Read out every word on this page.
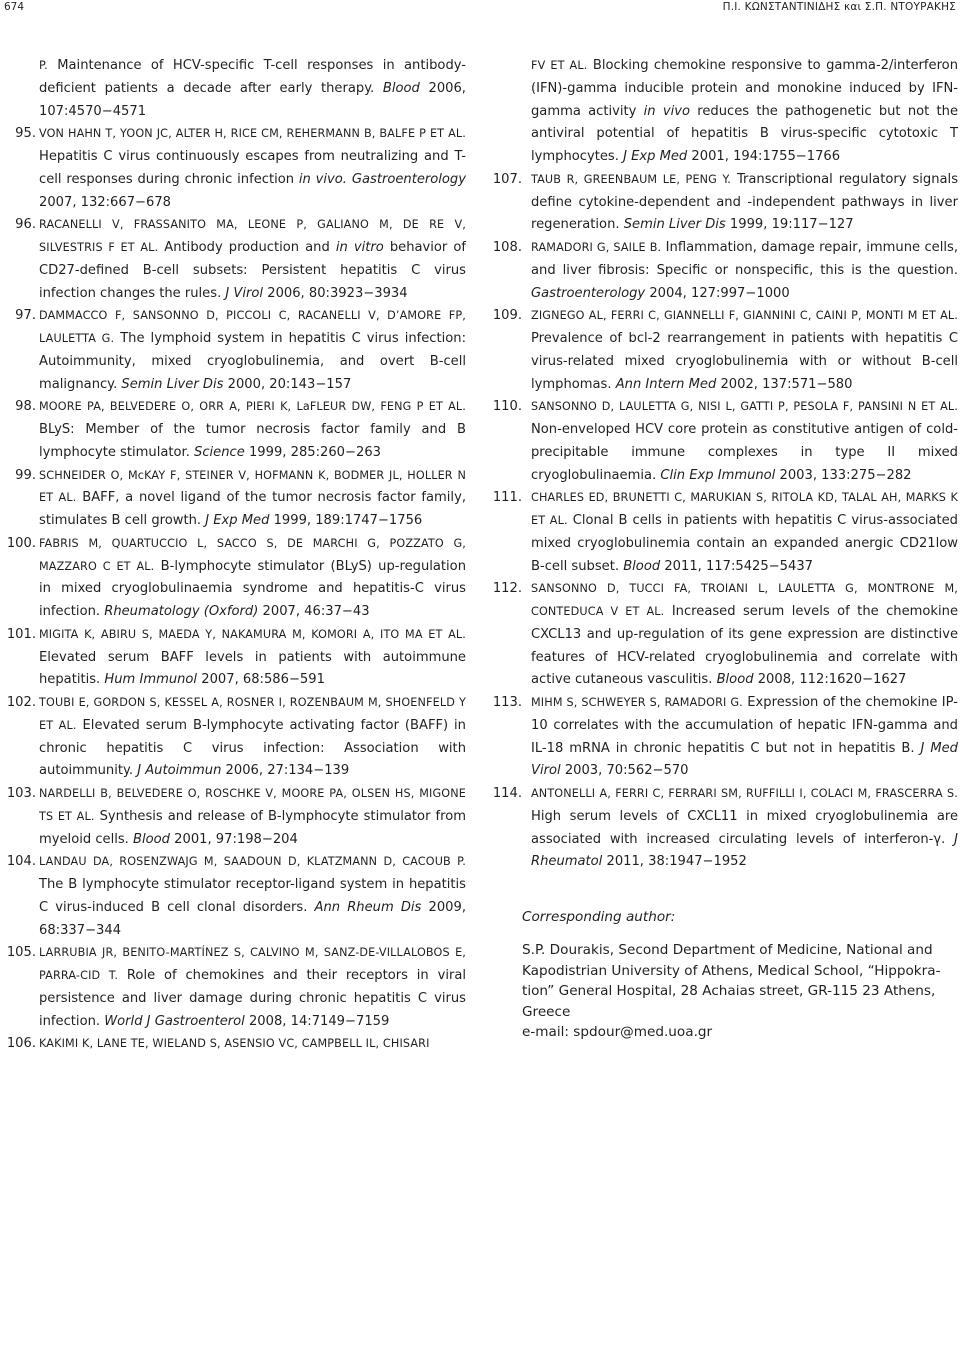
674	Π.Ι. ΚΩΝΣΤΑΝΤΙΝΙΔΗΣ και Σ.Π. ΝΤΟΥΡΑΚΗΣ
P. Maintenance of HCV-specific T-cell responses in antibody-deficient patients a decade after early therapy. Blood 2006, 107:4570−4571
95. VON HAHN T, YOON JC, ALTER H, RICE CM, REHERMANN B, BALFE P ET AL. Hepatitis C virus continuously escapes from neutralizing and T-cell responses during chronic infection in vivo. Gastroenterology 2007, 132:667−678
96. RACANELLI V, FRASSANITO MA, LEONE P, GALIANO M, DE RE V, SILVESTRIS F ET AL. Antibody production and in vitro behavior of CD27-defined B-cell subsets: Persistent hepatitis C virus infection changes the rules. J Virol 2006, 80:3923−3934
97. DAMMACCO F, SANSONNO D, PICCOLI C, RACANELLI V, D’AMORE FP, LAULETTA G. The lymphoid system in hepatitis C virus infection: Autoimmunity, mixed cryoglobulinemia, and overt B-cell malignancy. Semin Liver Dis 2000, 20:143−157
98. MOORE PA, BELVEDERE O, ORR A, PIERI K, LaFLEUR DW, FENG P ET AL. BLyS: Member of the tumor necrosis factor family and B lymphocyte stimulator. Science 1999, 285:260−263
99. SCHNEIDER O, McKAY F, STEINER V, HOFMANN K, BODMER JL, HOLLER N ET AL. BAFF, a novel ligand of the tumor necrosis factor family, stimulates B cell growth. J Exp Med 1999, 189:1747−1756
100. FABRIS M, QUARTUCCIO L, SACCO S, DE MARCHI G, POZZATO G, MAZZARO C ET AL. B-lymphocyte stimulator (BLyS) up-regulation in mixed cryoglobulinaemia syndrome and hepatitis-C virus infection. Rheumatology (Oxford) 2007, 46:37−43
101. MIGITA K, ABIRU S, MAEDA Y, NAKAMURA M, KOMORI A, ITO MA ET AL. Elevated serum BAFF levels in patients with autoimmune hepatitis. Hum Immunol 2007, 68:586−591
102. TOUBI E, GORDON S, KESSEL A, ROSNER I, ROZENBAUM M, SHOENFELD Y ET AL. Elevated serum B-lymphocyte activating factor (BAFF) in chronic hepatitis C virus infection: Association with autoimmunity. J Autoimmun 2006, 27:134−139
103. NARDELLI B, BELVEDERE O, ROSCHKE V, MOORE PA, OLSEN HS, MIGONE TS ET AL. Synthesis and release of B-lymphocyte stimulator from myeloid cells. Blood 2001, 97:198−204
104. LANDAU DA, ROSENZWAJG M, SAADOUN D, KLATZMANN D, CACOUB P. The B lymphocyte stimulator receptor-ligand system in hepatitis C virus-induced B cell clonal disorders. Ann Rheum Dis 2009, 68:337−344
105. LARRUBIA JR, BENITO-MARTÍNEZ S, CALVINO M, SANZ-DE-VILLALOBOS E, PARRA-CID T. Role of chemokines and their receptors in viral persistence and liver damage during chronic hepatitis C virus infection. World J Gastroenterol 2008, 14:7149−7159
106. KAKIMI K, LANE TE, WIELAND S, ASENSIO VC, CAMPBELL IL, CHISARI
FV ET AL. Blocking chemokine responsive to gamma-2/interferon (IFN)-gamma inducible protein and monokine induced by IFN-gamma activity in vivo reduces the pathogenetic but not the antiviral potential of hepatitis B virus-specific cytotoxic T lymphocytes. J Exp Med 2001, 194:1755−1766
107. TAUB R, GREENBAUM LE, PENG Y. Transcriptional regulatory signals define cytokine-dependent and -independent pathways in liver regeneration. Semin Liver Dis 1999, 19:117−127
108. RAMADORI G, SAILE B. Inflammation, damage repair, immune cells, and liver fibrosis: Specific or nonspecific, this is the question. Gastroenterology 2004, 127:997−1000
109. ZIGNEGO AL, FERRI C, GIANNELLI F, GIANNINI C, CAINI P, MONTI M ET AL. Prevalence of bcl-2 rearrangement in patients with hepatitis C virus-related mixed cryoglobulinemia with or without B-cell lymphomas. Ann Intern Med 2002, 137:571−580
110. SANSONNO D, LAULETTA G, NISI L, GATTI P, PESOLA F, PANSINI N ET AL. Non-enveloped HCV core protein as constitutive antigen of cold-precipitable immune complexes in type II mixed cryoglobulinaemia. Clin Exp Immunol 2003, 133:275−282
111. CHARLES ED, BRUNETTI C, MARUKIAN S, RITOLA KD, TALAL AH, MARKS K ET AL. Clonal B cells in patients with hepatitis C virus-associated mixed cryoglobulinemia contain an expanded anergic CD21low B-cell subset. Blood 2011, 117:5425−5437
112. SANSONNO D, TUCCI FA, TROIANI L, LAULETTA G, MONTRONE M, CONTEDUCA V ET AL. Increased serum levels of the chemokine CXCL13 and up-regulation of its gene expression are distinctive features of HCV-related cryoglobulinemia and correlate with active cutaneous vasculitis. Blood 2008, 112:1620−1627
113. MIHM S, SCHWEYER S, RAMADORI G. Expression of the chemokine IP-10 correlates with the accumulation of hepatic IFN-gamma and IL-18 mRNA in chronic hepatitis C but not in hepatitis B. J Med Virol 2003, 70:562−570
114. ANTONELLI A, FERRI C, FERRARI SM, RUFFILLI I, COLACI M, FRASCERRA S. High serum levels of CXCL11 in mixed cryoglobulinemia are associated with increased circulating levels of interferon-γ. J Rheumatol 2011, 38:1947−1952
Corresponding author:
S.P. Dourakis, Second Department of Medicine, National and
Kapodistrian University of Athens, Medical School, “Hippokra-
tion” General Hospital, 28 Achaias street, GR-115 23 Athens,
Greece
e-mail: spdour@med.uoa.gr
